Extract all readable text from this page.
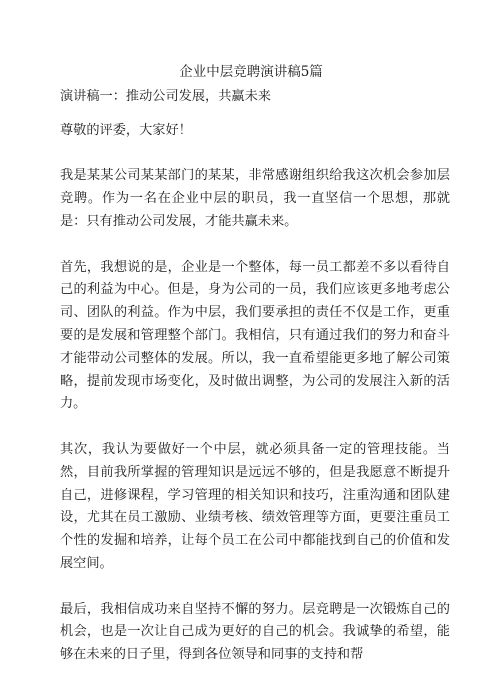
企业中层竞聘演讲稿5篇

演讲稿一：推动公司发展，共赢未来

尊敬的评委，大家好！

我是某某公司某某部门的某某，非常感谢组织给我这次机会参加层竞聘。作为一名在企业中层的职员，我一直坚信一个思想，那就是：只有推动公司发展，才能共赢未来。

首先，我想说的是，企业是一个整体，每一员工都差不多以看待自己的利益为中心。但是，身为公司的一员，我们应该更多地考虑公司、团队的利益。作为中层，我们要承担的责任不仅是工作，更重要的是发展和管理整个部门。我相信，只有通过我们的努力和奋斗才能带动公司整体的发展。所以，我一直希望能更多地了解公司策略，提前发现市场变化，及时做出调整，为公司的发展注入新的活力。

其次，我认为要做好一个中层，就必须具备一定的管理技能。当然，目前我所掌握的管理知识是远远不够的，但是我愿意不断提升自己，进修课程，学习管理的相关知识和技巧，注重沟通和团队建设，尤其在员工激励、业绩考核、绩效管理等方面，更要注重员工个性的发掘和培养，让每个员工在公司中都能找到自己的价值和发展空间。

最后，我相信成功来自坚持不懈的努力。层竞聘是一次锻炼自己的机会，也是一次让自己成为更好的自己的机会。我诚挚的希望，能够在未来的日子里，得到各位领导和同事的支持和帮
